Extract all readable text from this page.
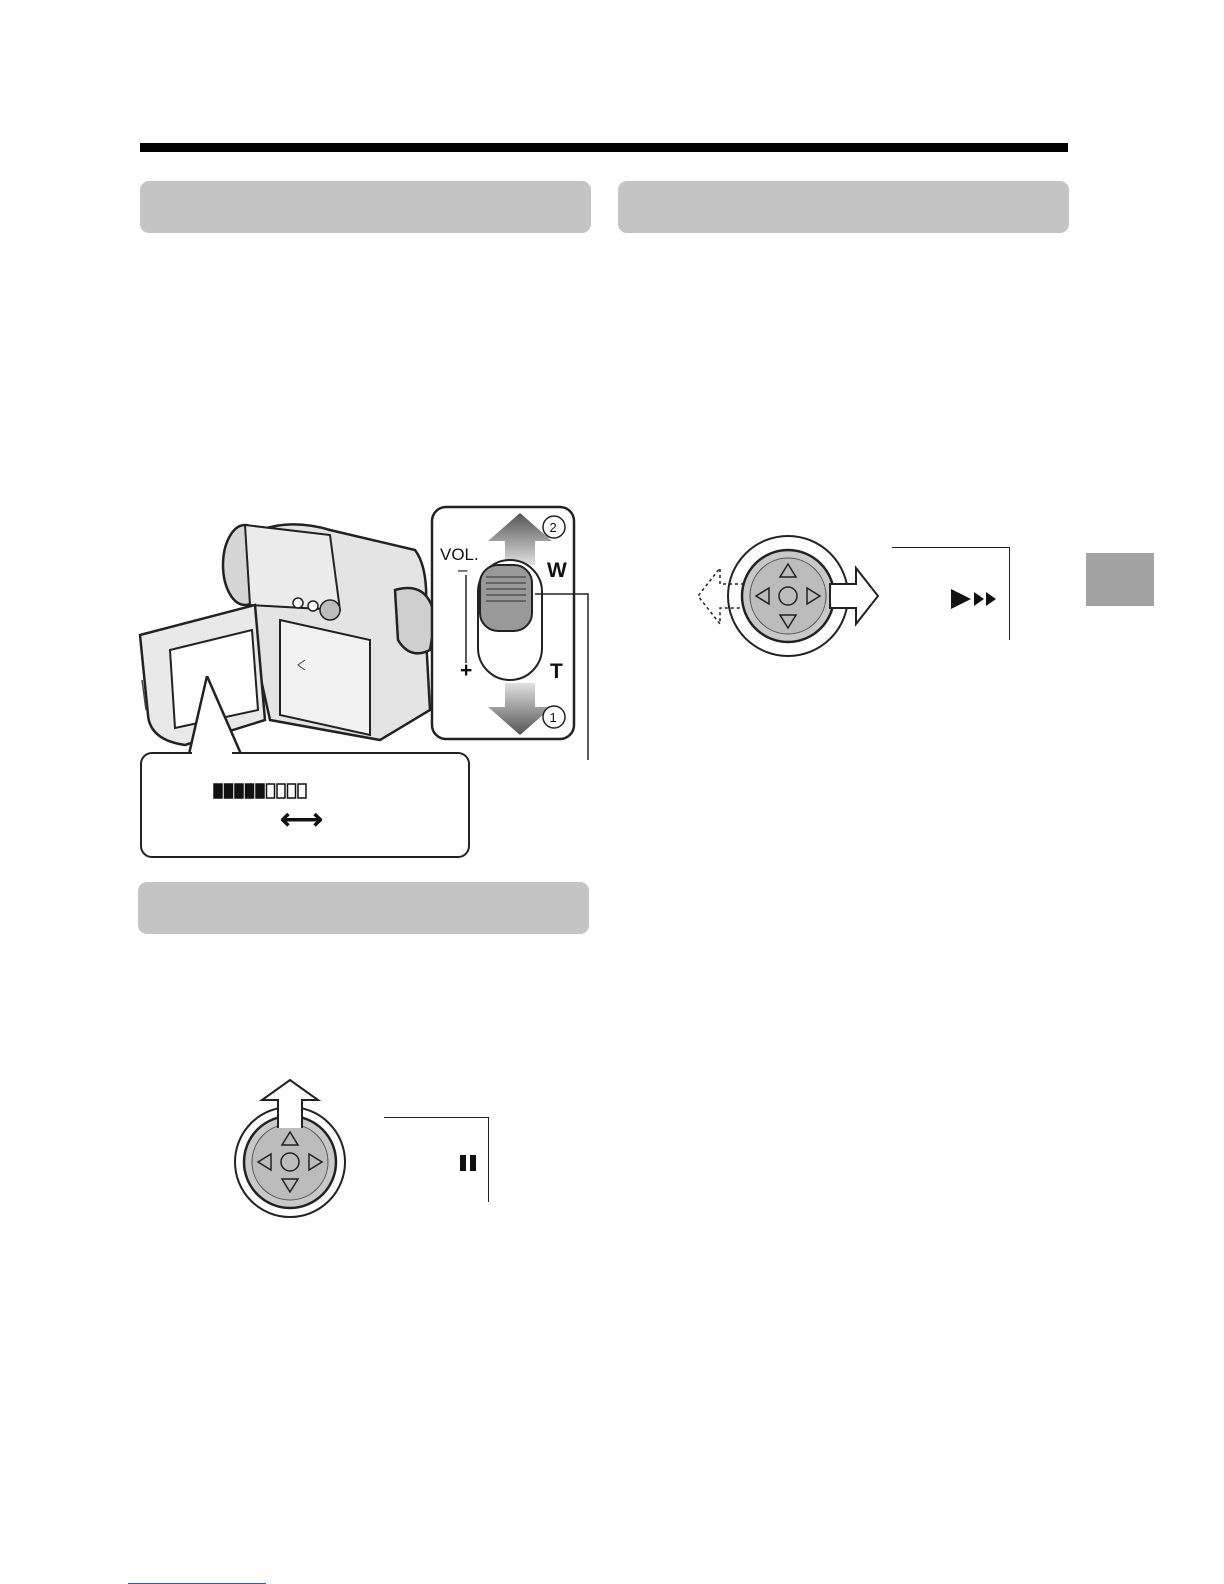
VOL.
–
+
W
T
2
1
⟷
